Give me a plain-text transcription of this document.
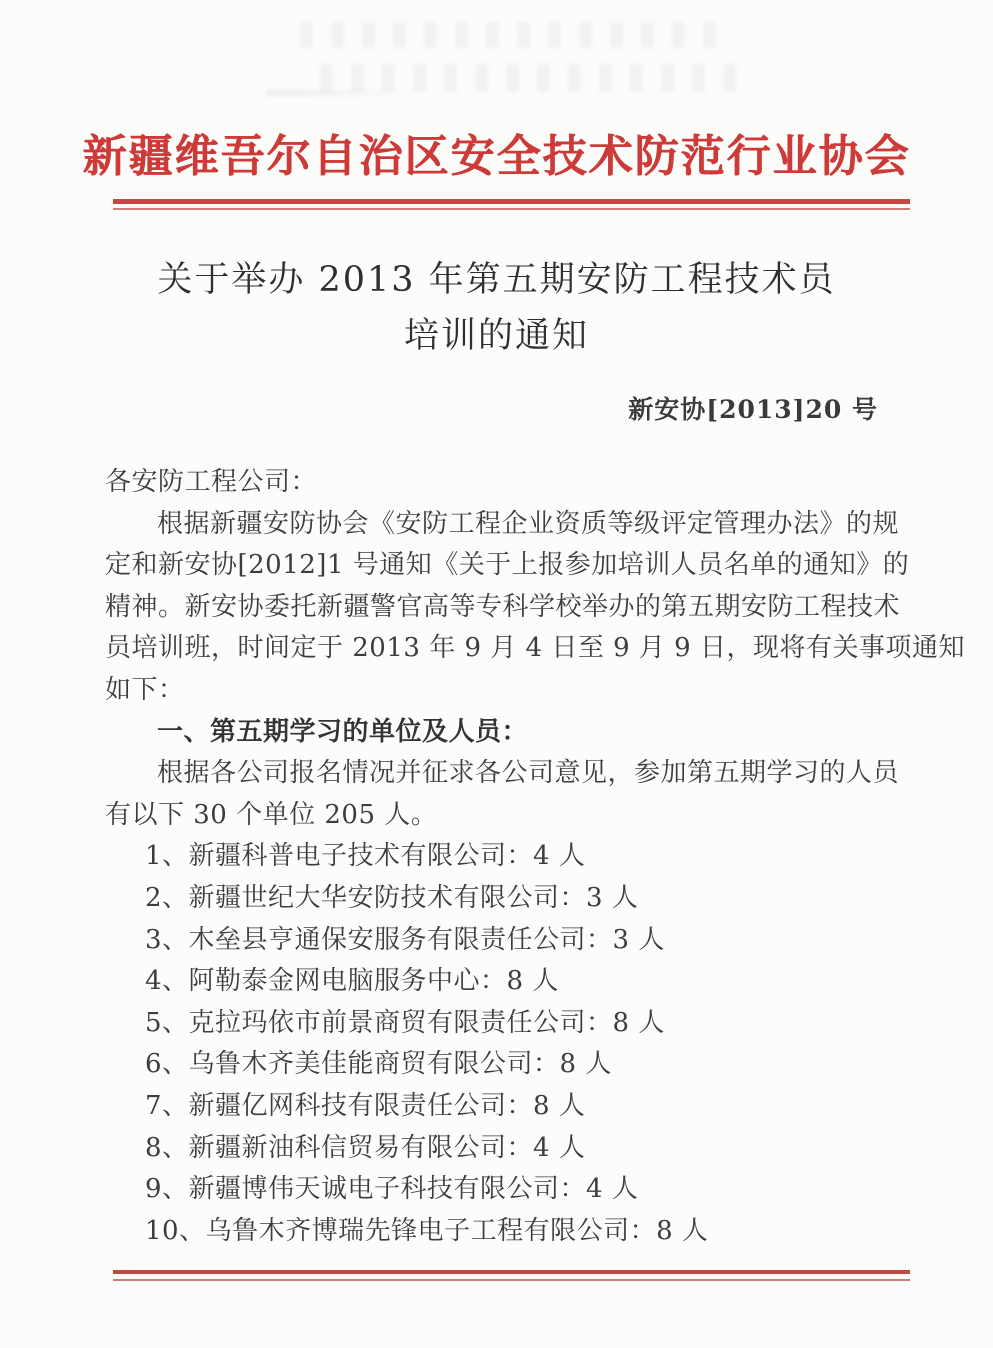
新疆维吾尔自治区安全技术防范行业协会
关于举办 2013 年第五期安防工程技术员
培训的通知
新安协[2013]20 号
各安防工程公司：
根据新疆安防协会《安防工程企业资质等级评定管理办法》的规
定和新安协[2012]1 号通知《关于上报参加培训人员名单的通知》的
精神。新安协委托新疆警官高等专科学校举办的第五期安防工程技术
员培训班，时间定于 2013 年 9 月 4 日至 9 月 9 日，现将有关事项通知
如下：
一、第五期学习的单位及人员：
根据各公司报名情况并征求各公司意见，参加第五期学习的人员
有以下 30 个单位 205 人。
1、新疆科普电子技术有限公司：4 人
2、新疆世纪大华安防技术有限公司：3 人
3、木垒县亨通保安服务有限责任公司：3 人
4、阿勒泰金网电脑服务中心：8 人
5、克拉玛依市前景商贸有限责任公司：8 人
6、乌鲁木齐美佳能商贸有限公司：8 人
7、新疆亿网科技有限责任公司：8 人
8、新疆新油科信贸易有限公司：4 人
9、新疆博伟天诚电子科技有限公司：4 人
10、乌鲁木齐博瑞先锋电子工程有限公司：8 人
